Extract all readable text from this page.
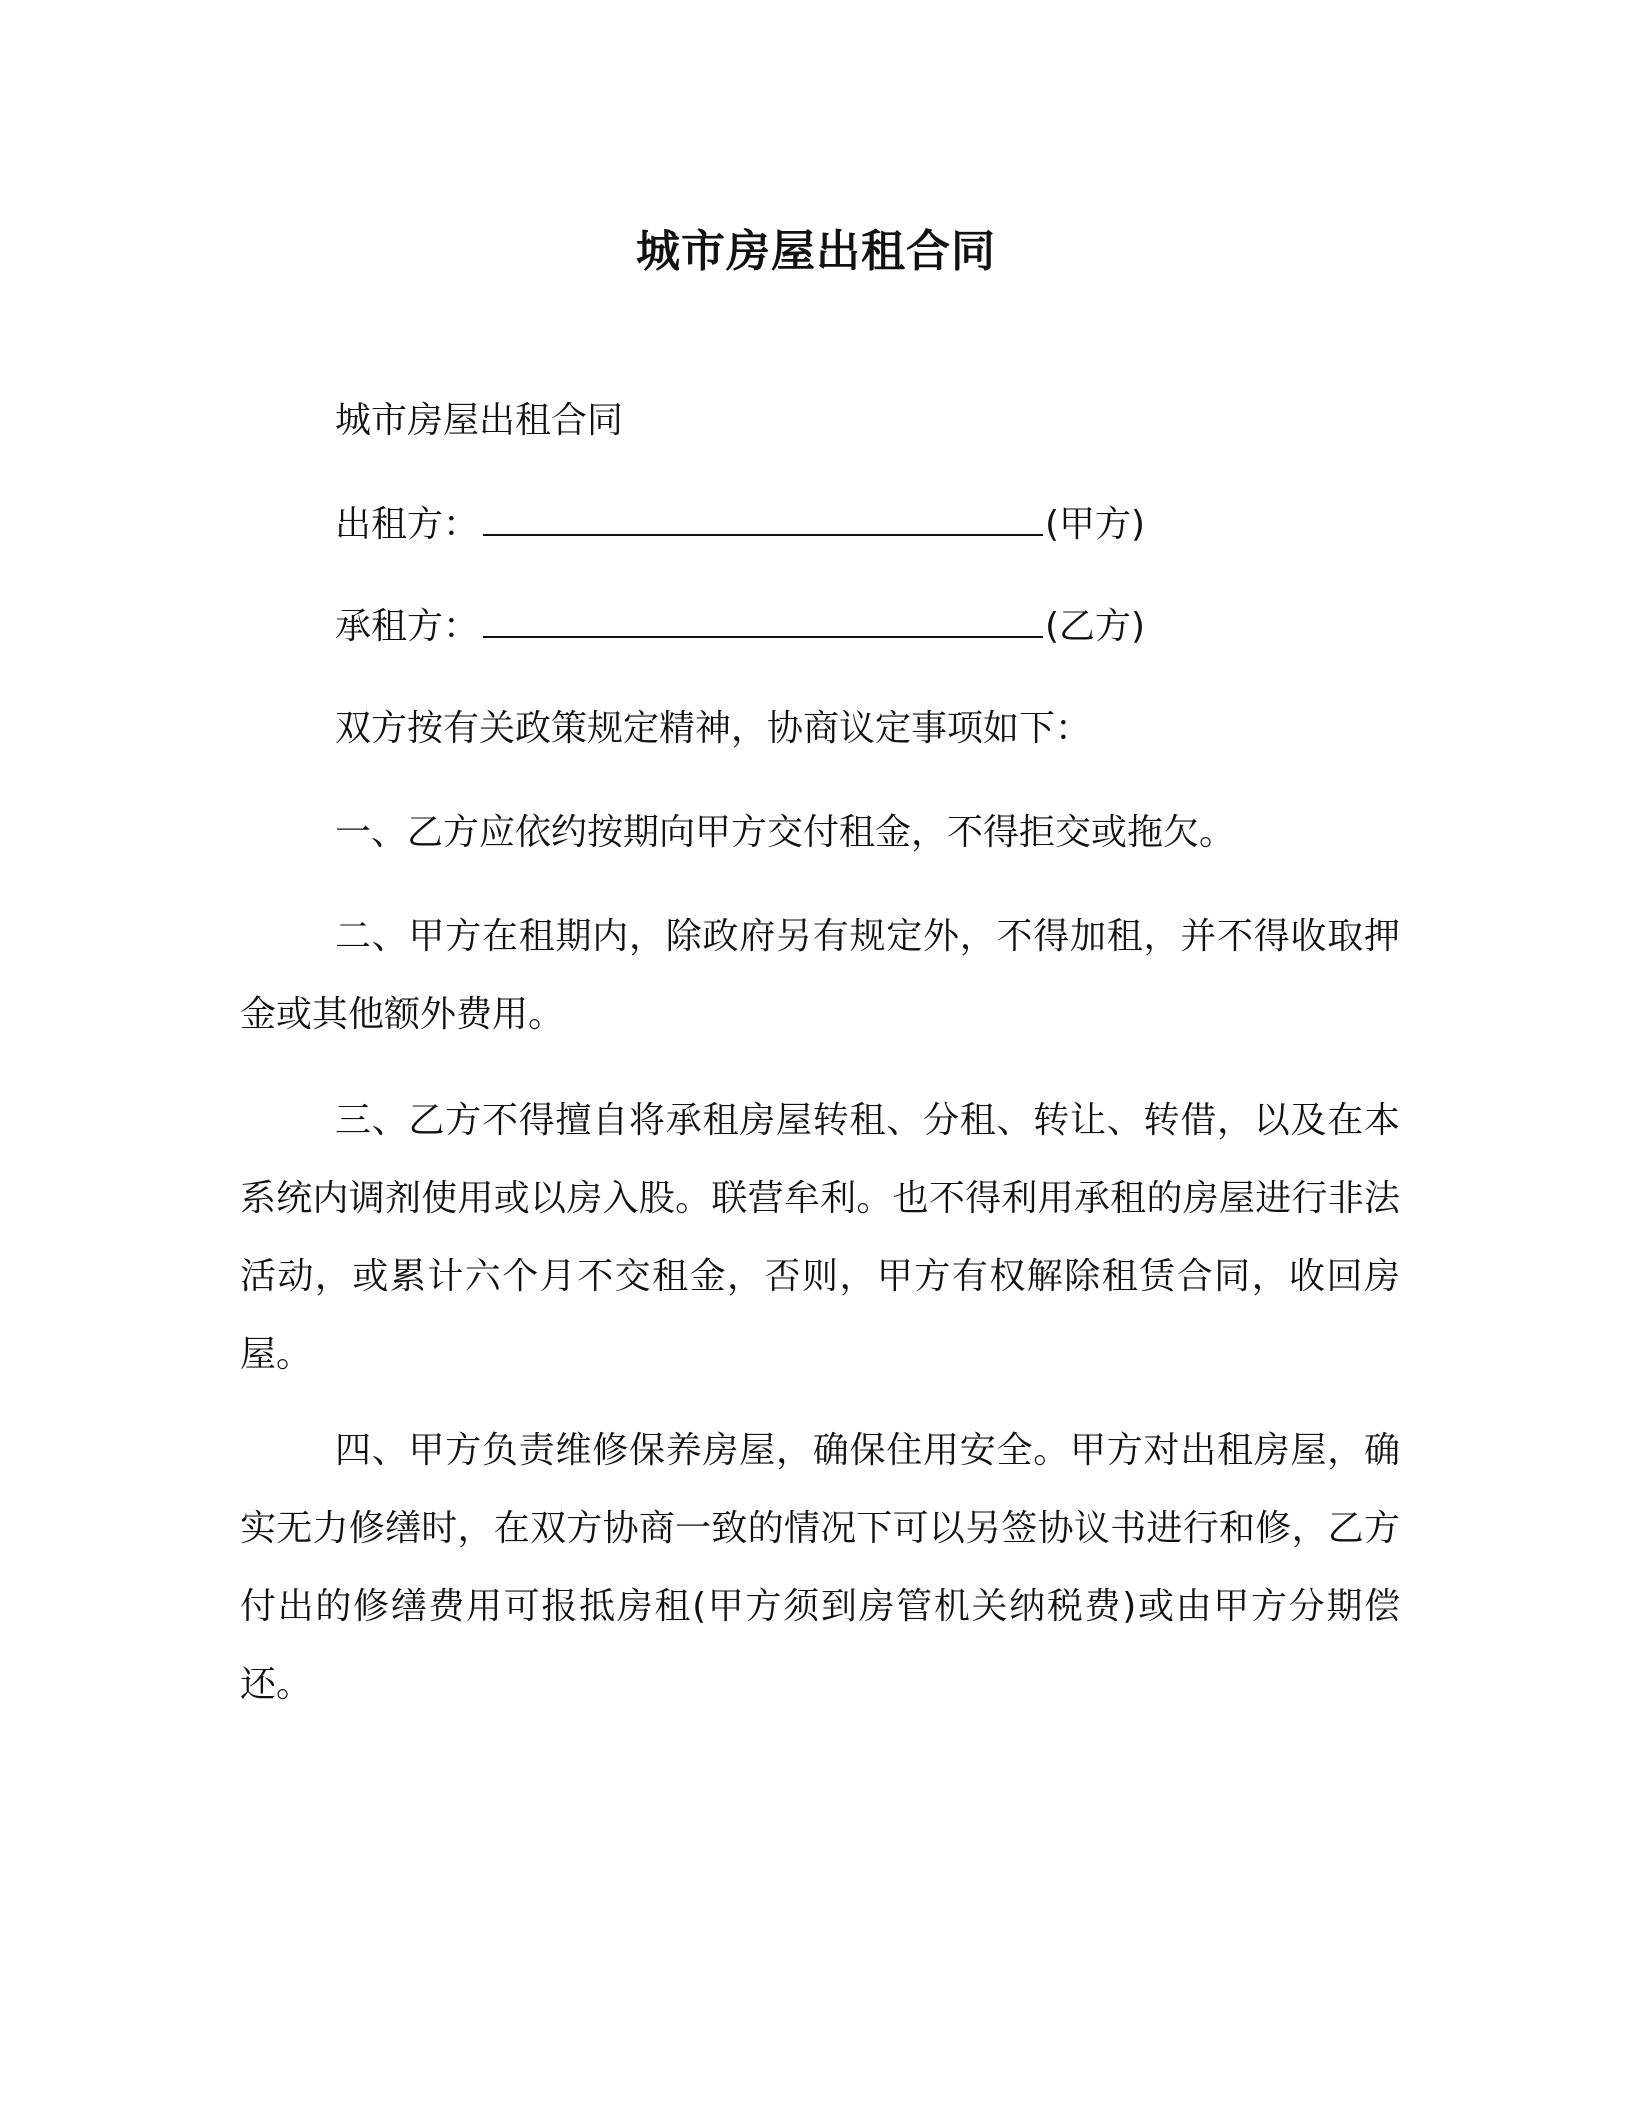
城市房屋出租合同
城市房屋出租合同
出租方：	(甲方)
承租方：	(乙方)
双方按有关政策规定精神，协商议定事项如下：
一、乙方应依约按期向甲方交付租金，不得拒交或拖欠。
二、甲方在租期内，除政府另有规定外，不得加租，并不得收取押金或其他额外费用。
三、乙方不得擅自将承租房屋转租、分租、转让、转借，以及在本系统内调剂使用或以房入股。联营牟利。也不得利用承租的房屋进行非法活动，或累计六个月不交租金，否则，甲方有权解除租赁合同，收回房屋。
四、甲方负责维修保养房屋，确保住用安全。甲方对出租房屋，确实无力修缮时，在双方协商一致的情况下可以另签协议书进行和修，乙方付出的修缮费用可报抵房租(甲方须到房管机关纳税费)或由甲方分期偿还。
